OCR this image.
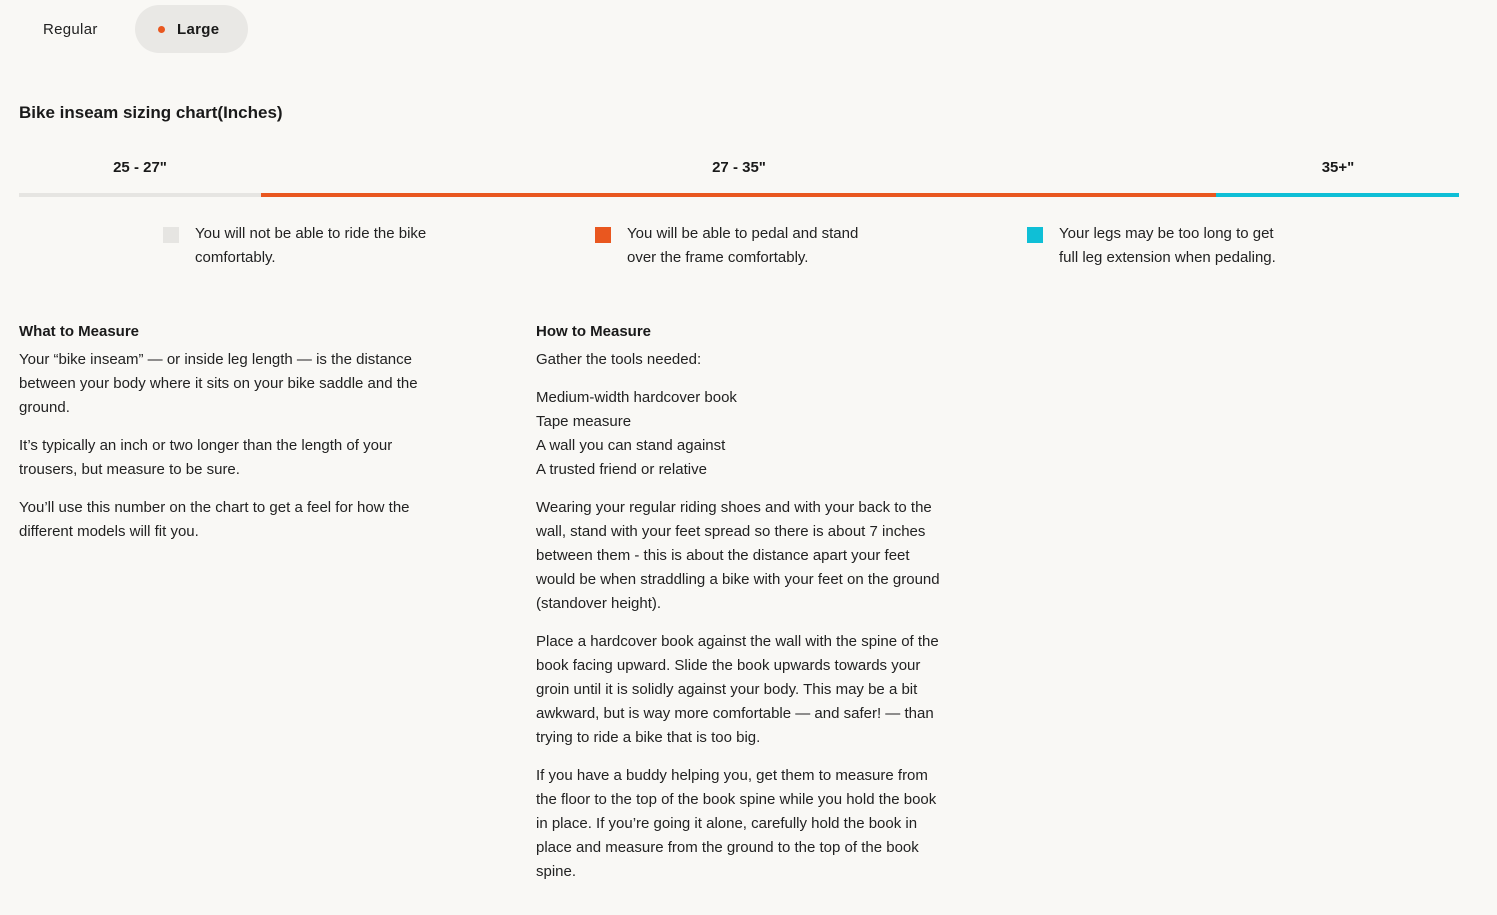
Regular	Large
Bike inseam sizing chart(Inches)
25 - 27"	27 - 35"	35+"
You will not be able to ride the bike
comfortably.
You will be able to pedal and stand
over the frame comfortably.
Your legs may be too long to get
full leg extension when pedaling.
What to Measure

Your “bike inseam” — or inside leg length — is the distance between your body where it sits on your bike saddle and the ground.

It’s typically an inch or two longer than the length of your trousers, but measure to be sure.

You’ll use this number on the chart to get a feel for how the different models will fit you.

How to Measure

Gather the tools needed:

Medium-width hardcover book
Tape measure
A wall you can stand against
A trusted friend or relative

Wearing your regular riding shoes and with your back to the wall, stand with your feet spread so there is about 7 inches between them - this is about the distance apart your feet would be when straddling a bike with your feet on the ground (standover height).

Place a hardcover book against the wall with the spine of the book facing upward. Slide the book upwards towards your groin until it is solidly against your body. This may be a bit awkward, but is way more comfortable — and safer! — than trying to ride a bike that is too big.

If you have a buddy helping you, get them to measure from the floor to the top of the book spine while you hold the book in place. If you’re going it alone, carefully hold the book in place and measure from the ground to the top of the book spine.
